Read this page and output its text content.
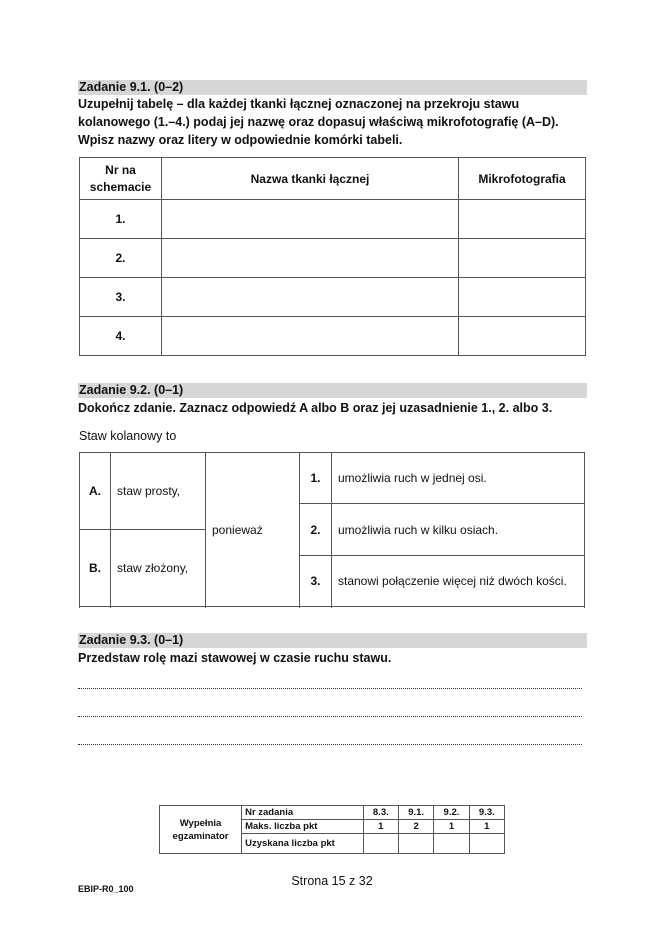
Zadanie 9.1. (0–2)
Uzupełnij tabelę – dla każdej tkanki łącznej oznaczonej na przekroju stawu
kolanowego (1.–4.) podaj jej nazwę oraz dopasuj właściwą mikrofotografię (A–D).
Wpisz nazwy oraz litery w odpowiednie komórki tabeli.
Nr na
schemacie	Nazwa tkanki łącznej	Mikrofotografia
1.		
2.		
3.		
4.		
Zadanie 9.2. (0–1)
Dokończ zdanie. Zaznacz odpowiedź A albo B oraz jej uzasadnienie 1., 2. albo 3.
Staw kolanowy to
A.	staw prosty,	ponieważ	1.	umożliwia ruch w jednej osi.

			2.	umożliwia ruch w kilku osiach.
B.	staw złożony,			
			3.	stanowi połączenie więcej niż dwóch kości.

Zadanie 9.3. (0–1)
Przedstaw rolę mazi stawowej w czasie ruchu stawu.
Wypełnia
egzaminator	Nr zadania	8.3.	9.1.	9.2.	9.3.
	Maks. liczba pkt	1	2	1	1
	Uzyskana liczba pkt				
Strona 15 z 32
EBIP-R0_100
